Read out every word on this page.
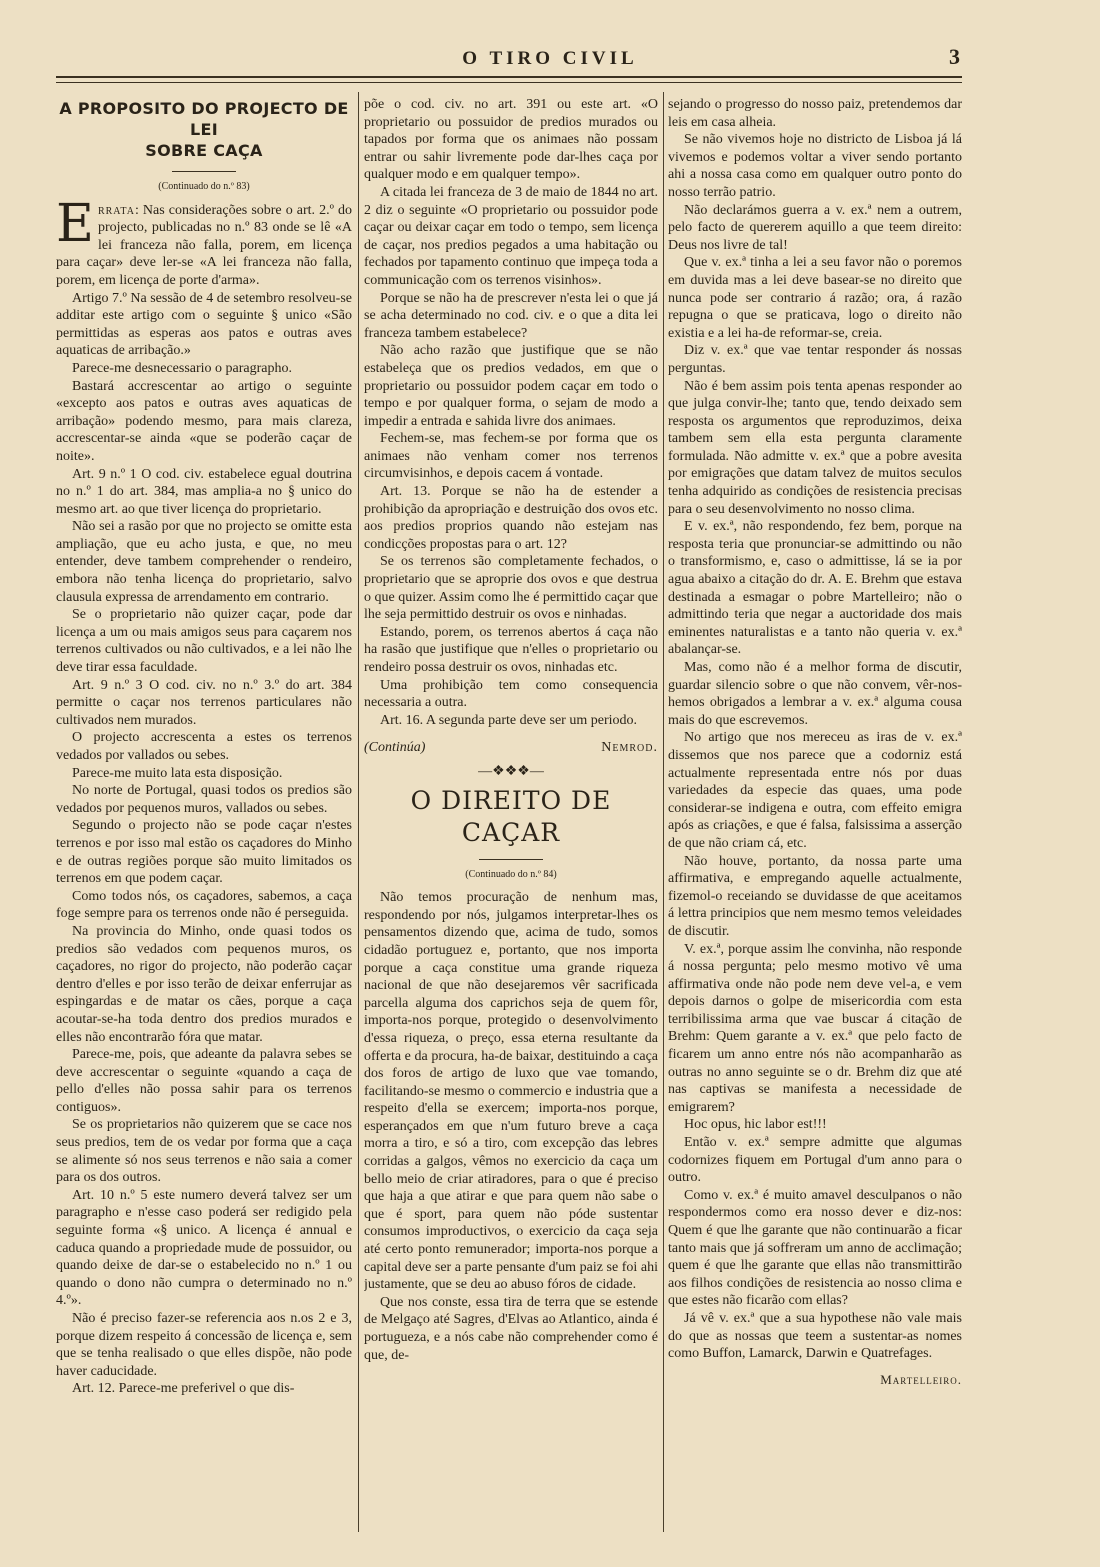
O TIRO CIVIL	3
A PROPOSITO DO PROJECTO DE LEI
SOBRE CAÇA
(Continuado do n.º 83)

Errata: Nas considerações sobre o art. 2.º do projecto, publicadas no n.º 83 onde se lê «A lei franceza não falla, porem, em licença para caçar» deve ler-se «A lei franceza não falla, porem, em licença de porte d'arma».

Artigo 7.º Na sessão de 4 de setembro resolveu-se additar este artigo com o seguinte § unico «São permittidas as esperas aos patos e outras aves aquaticas de arribação.»

Parece-me desnecessario o paragrapho.

Bastará accrescentar ao artigo o seguinte «excepto aos patos e outras aves aquaticas de arribação» podendo mesmo, para mais clareza, accrescentar-se ainda «que se poderão caçar de noite».

Art. 9 n.º 1 O cod. civ. estabelece egual doutrina no n.º 1 do art. 384, mas amplia-a no § unico do mesmo art. ao que tiver licença do proprietario.

Não sei a rasão por que no projecto se omitte esta ampliação, que eu acho justa, e que, no meu entender, deve tambem comprehender o rendeiro, embora não tenha licença do proprietario, salvo clausula expressa de arrendamento em contrario.

Se o proprietario não quizer caçar, pode dar licença a um ou mais amigos seus para caçarem nos terrenos cultivados ou não cultivados, e a lei não lhe deve tirar essa faculdade.

Art. 9 n.º 3 O cod. civ. no n.º 3.º do art. 384 permitte o caçar nos terrenos particulares não cultivados nem murados.

O projecto accrescenta a estes os terrenos vedados por vallados ou sebes.

Parece-me muito lata esta disposição.

No norte de Portugal, quasi todos os predios são vedados por pequenos muros, vallados ou sebes.

Segundo o projecto não se pode caçar n'estes terrenos e por isso mal estão os caçadores do Minho e de outras regiões porque são muito limitados os terrenos em que podem caçar.

Como todos nós, os caçadores, sabemos, a caça foge sempre para os terrenos onde não é perseguida.

Na provincia do Minho, onde quasi todos os predios são vedados com pequenos muros, os caçadores, no rigor do projecto, não poderão caçar dentro d'elles e por isso terão de deixar enferrujar as espingardas e de matar os cães, porque a caça acoutar-se-ha toda dentro dos predios murados e elles não encontrarão fóra que matar.

Parece-me, pois, que adeante da palavra sebes se deve accrescentar o seguinte «quando a caça de pello d'elles não possa sahir para os terrenos contiguos».

Se os proprietarios não quizerem que se cace nos seus predios, tem de os vedar por forma que a caça se alimente só nos seus terrenos e não saia a comer para os dos outros.

Art. 10 n.º 5 este numero deverá talvez ser um paragrapho e n'esse caso poderá ser redigido pela seguinte forma «§ unico. A licença é annual e caduca quando a propriedade mude de possuidor, ou quando deixe de dar-se o estabelecido no n.º 1 ou quando o dono não cumpra o determinado no n.º 4.º».

Não é preciso fazer-se referencia aos n.os 2 e 3, porque dizem respeito á concessão de licença e, sem que se tenha realisado o que elles dispõe, não pode haver caducidade.

Art. 12. Parece-me preferivel o que dis-

põe o cod. civ. no art. 391 ou este art. «O proprietario ou possuidor de predios murados ou tapados por forma que os animaes não possam entrar ou sahir livremente pode dar-lhes caça por qualquer modo e em qualquer tempo».

A citada lei franceza de 3 de maio de 1844 no art. 2 diz o seguinte «O proprietario ou possuidor pode caçar ou deixar caçar em todo o tempo, sem licença de caçar, nos predios pegados a uma habitação ou fechados por tapamento continuo que impeça toda a communicação com os terrenos visinhos».

Porque se não ha de prescrever n'esta lei o que já se acha determinado no cod. civ. e o que a dita lei franceza tambem estabelece?

Não acho razão que justifique que se não estabeleça que os predios vedados, em que o proprietario ou possuidor podem caçar em todo o tempo e por qualquer forma, o sejam de modo a impedir a entrada e sahida livre dos animaes.

Fechem-se, mas fechem-se por forma que os animaes não venham comer nos terrenos circumvisinhos, e depois cacem á vontade.

Art. 13. Porque se não ha de estender a prohibição da apropriação e destruição dos ovos etc. aos predios proprios quando não estejam nas condicções propostas para o art. 12?

Se os terrenos são completamente fechados, o proprietario que se aproprie dos ovos e que destrua o que quizer. Assim como lhe é permittido caçar que lhe seja permittido destruir os ovos e ninhadas.

Estando, porem, os terrenos abertos á caça não ha rasão que justifique que n'elles o proprietario ou rendeiro possa destruir os ovos, ninhadas etc.

Uma prohibição tem como consequencia necessaria a outra.

Art. 16. A segunda parte deve ser um periodo.

(Continúa)	Nemrod.
—❖❖❖—
O DIREITO DE CAÇAR
(Continuado do n.º 84)

Não temos procuração de nenhum mas, respondendo por nós, julgamos interpretar-lhes os pensamentos dizendo que, acima de tudo, somos cidadão portuguez e, portanto, que nos importa porque a caça constitue uma grande riqueza nacional de que não desejaremos vêr sacrificada parcella alguma dos caprichos seja de quem fôr, importa-nos porque, protegido o desenvolvimento d'essa riqueza, o preço, essa eterna resultante da offerta e da procura, ha-de baixar, destituindo a caça dos foros de artigo de luxo que vae tomando, facilitando-se mesmo o commercio e industria que a respeito d'ella se exercem; importa-nos porque, esperançados em que n'um futuro breve a caça morra a tiro, e só a tiro, com excepção das lebres corridas a galgos, vêmos no exercicio da caça um bello meio de criar atiradores, para o que é preciso que haja a que atirar e que para quem não sabe o que é sport, para quem não póde sustentar consumos improductivos, o exercicio da caça seja até certo ponto remunerador; importa-nos porque a capital deve ser a parte pensante d'um paiz se foi ahi justamente, que se deu ao abuso fóros de cidade.

Que nos conste, essa tira de terra que se estende de Melgaço até Sagres, d'Elvas ao Atlantico, ainda é portugueza, e a nós cabe não comprehender como é que, de-

sejando o progresso do nosso paiz, pretendemos dar leis em casa alheia.

Se não vivemos hoje no districto de Lisboa já lá vivemos e podemos voltar a viver sendo portanto ahi a nossa casa como em qualquer outro ponto do nosso terrão patrio.

Não declarámos guerra a v. ex.ª nem a outrem, pelo facto de quererem aquillo a que teem direito: Deus nos livre de tal!

Que v. ex.ª tinha a lei a seu favor não o poremos em duvida mas a lei deve basear-se no direito que nunca pode ser contrario á razão; ora, á razão repugna o que se praticava, logo o direito não existia e a lei ha-de reformar-se, creia.

Diz v. ex.ª que vae tentar responder ás nossas perguntas.

Não é bem assim pois tenta apenas responder ao que julga convir-lhe; tanto que, tendo deixado sem resposta os argumentos que reproduzimos, deixa tambem sem ella esta pergunta claramente formulada. Não admitte v. ex.ª que a pobre avesita por emigrações que datam talvez de muitos seculos tenha adquirido as condições de resistencia precisas para o seu desenvolvimento no nosso clima.

E v. ex.ª, não respondendo, fez bem, porque na resposta teria que pronunciar-se admittindo ou não o transformismo, e, caso o admittisse, lá se ia por agua abaixo a citação do dr. A. E. Brehm que estava destinada a esmagar o pobre Martelleiro; não o admittindo teria que negar a auctoridade dos mais eminentes naturalistas e a tanto não queria v. ex.ª abalançar-se.

Mas, como não é a melhor forma de discutir, guardar silencio sobre o que não convem, vêr-nos-hemos obrigados a lembrar a v. ex.ª alguma cousa mais do que escrevemos.

No artigo que nos mereceu as iras de v. ex.ª dissemos que nos parece que a codorniz está actualmente representada entre nós por duas variedades da especie das quaes, uma pode considerar-se indigena e outra, com effeito emigra após as criações, e que é falsa, falsissima a asserção de que não criam cá, etc.

Não houve, portanto, da nossa parte uma affirmativa, e empregando aquelle actualmente, fizemol-o receiando se duvidasse de que aceitamos á lettra principios que nem mesmo temos veleidades de discutir.

V. ex.ª, porque assim lhe convinha, não responde á nossa pergunta; pelo mesmo motivo vê uma affirmativa onde não pode nem deve vel-a, e vem depois darnos o golpe de misericordia com esta terribilissima arma que vae buscar á citação de Brehm: Quem garante a v. ex.ª que pelo facto de ficarem um anno entre nós não acompanharão as outras no anno seguinte se o dr. Brehm diz que até nas captivas se manifesta a necessidade de emigrarem?

Hoc opus, hic labor est!!!

Então v. ex.ª sempre admitte que algumas codornizes fiquem em Portugal d'um anno para o outro.

Como v. ex.ª é muito amavel desculpanos o não respondermos como era nosso dever e diz-nos: Quem é que lhe garante que não continuarão a ficar tanto mais que já soffreram um anno de acclimação; quem é que lhe garante que ellas não transmittirão aos filhos condições de resistencia ao nosso clima e que estes não ficarão com ellas?

Já vê v. ex.ª que a sua hypothese não vale mais do que as nossas que teem a sustentar-as nomes como Buffon, Lamarck, Darwin e Quatrefages.

Martelleiro.
